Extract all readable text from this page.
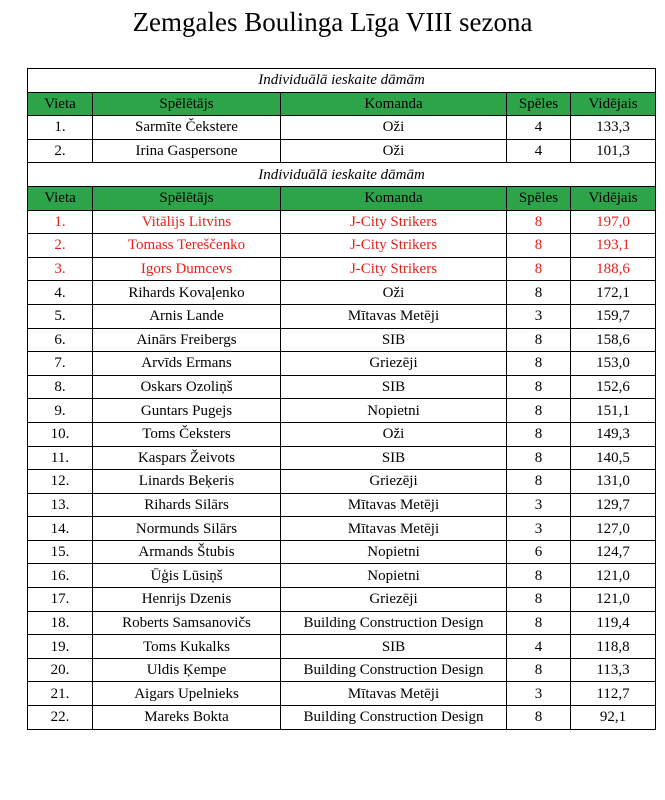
Zemgales Boulinga Līga VIII sezona
Individuālā ieskaite dāmām				
Vieta	Spēlētājs	Komanda	Spēles	Vidējais
1.	Sarmīte Čekstere	Oži	4	133,3
2.	Irina Gaspersone	Oži	4	101,3
Individuālā ieskaite dāmām				
Vieta	Spēlētājs	Komanda	Spēles	Vidējais
1.	Vitālijs Litvins	J-City Strikers	8	197,0
2.	Tomass Tereščenko	J-City Strikers	8	193,1
3.	Igors Dumcevs	J-City Strikers	8	188,6
4.	Rihards Kovaļenko	Oži	8	172,1
5.	Arnis Lande	Mītavas Metēji	3	159,7
6.	Ainārs Freibergs	SIB	8	158,6
7.	Arvīds Ermans	Griezēji	8	153,0
8.	Oskars Ozoliņš	SIB	8	152,6
9.	Guntars Pugejs	Nopietni	8	151,1
10.	Toms Čeksters	Oži	8	149,3
11.	Kaspars Žeivots	SIB	8	140,5
12.	Linards Beķeris	Griezēji	8	131,0
13.	Rihards Silārs	Mītavas Metēji	3	129,7
14.	Normunds Silārs	Mītavas Metēji	3	127,0
15.	Armands Štubis	Nopietni	6	124,7
16.	Ūģis Lūsiņš	Nopietni	8	121,0
17.	Henrijs Dzenis	Griezēji	8	121,0
18.	Roberts Samsanovičs	Building Construction Design	8	119,4
19.	Toms Kukalks	SIB	4	118,8
20.	Uldis Ķempe	Building Construction Design	8	113,3
21.	Aigars Upelnieks	Mītavas Metēji	3	112,7
22.	Mareks Bokta	Building Construction Design	8	92,1
